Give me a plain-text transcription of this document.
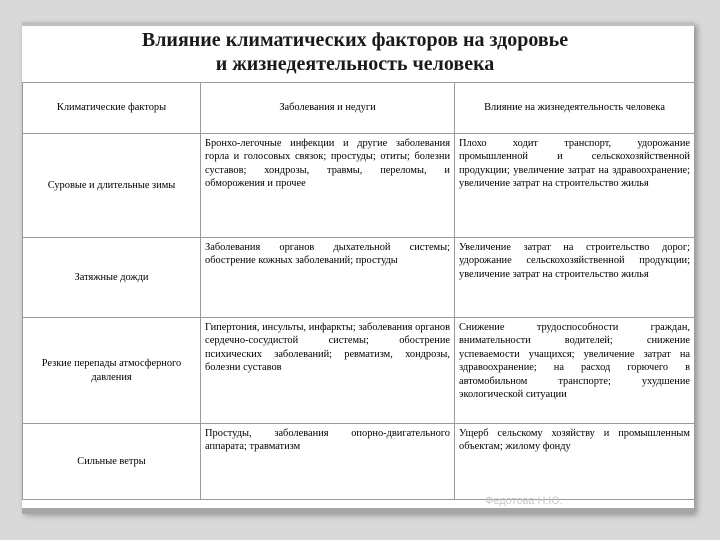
Влияние климатических факторов на здоровье
и жизнедеятельность человека
Климатические факторы	Заболевания и недуги	Влияние на жизнедеятельность человека
Суровые и длительные зимы	Бронхо-легочные инфекции и другие заболевания горла и голосовых связок; простуды; отиты; болезни суставов; хондрозы, травмы, переломы, и обморожения и прочее	Плохо ходит транспорт, удорожание промышленной и сельскохозяйственной продукции; увеличение затрат на здравоохранение; увеличение затрат на строительство жилья
Затяжные дожди	Заболевания органов дыхательной системы; обострение кожных заболеваний; простуды	Увеличение затрат на строительство дорог; удорожание сельскохозяйственной продукции; увеличение затрат на строительство жилья
Резкие перепады атмосферного давления	Гипертония, инсульты, инфаркты; заболевания органов сердечно-сосудистой системы; обострение психических заболеваний; ревматизм, хондрозы, болезни суставов	Снижение трудоспособности граждан, внимательности водителей; снижение успеваемости учащихся; увеличение затрат на здравоохранение; на расход горючего в автомобильном транспорте; ухудшение экологической ситуации
Сильные ветры	Простуды, заболевания опорно-двигательного аппарата; травматизм	Ущерб сельскому хозяйству и промышленным объектам; жилому фонду
Федотова Н.Ю.
